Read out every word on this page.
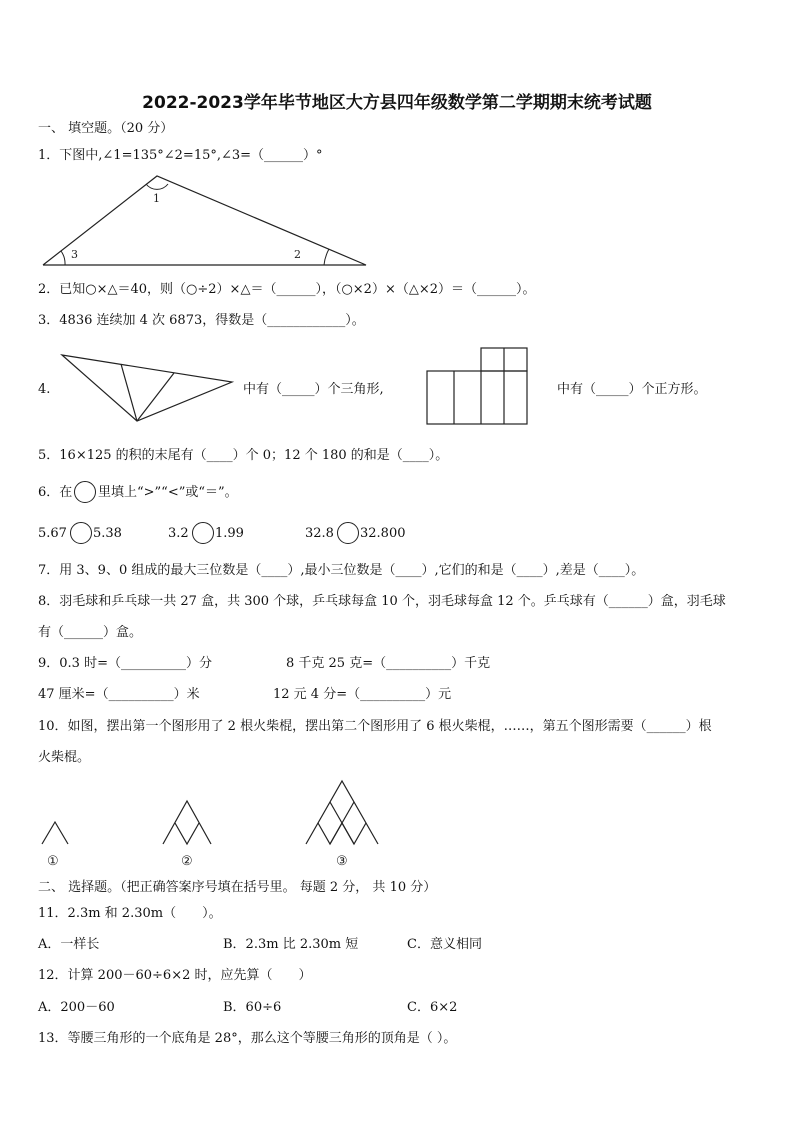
2022-2023学年毕节地区大方县四年级数学第二学期期末统考试题
一、 填空题。（20 分）
1．下图中,∠1=135°∠2=15°,∠3=（______）°
1
3	2
2．已知○×△＝40，则（○÷2）×△＝（______），（○×2）×（△×2）＝（______）。
3．4836 连续加 4 次 6873，得数是（____________）。
4.	中有（_____）个三角形,	中有（_____）个正方形。
5．16×125 的积的末尾有（____）个 0；12 个 180 的和是（____）。
6．在 里填上“>”“<”或“＝”。
5.67 5.38	3.2 1.99	32.8 32.800
7．用 3、9、0 组成的最大三位数是（____）,最小三位数是（____）,它们的和是（____）,差是（____）。
8．羽毛球和乒乓球一共 27 盒，共 300 个球，乒乓球每盒 10 个，羽毛球每盒 12 个。乒乓球有（______）盒，羽毛球
有（______）盒。
9．0.3 时=（__________）分	8 千克 25 克=（__________）千克
47 厘米=（__________）米	12 元 4 分=（__________）元
10．如图，摆出第一个图形用了 2 根火柴棍，摆出第二个图形用了 6 根火柴棍，……，第五个图形需要（______）根
火柴棍。
①	②	③
二、 选择题。（把正确答案序号填在括号里。 每题 2 分， 共 10 分）
11．2.3m 和 2.30m（　　）。
A．一样长	B．2.3m 比 2.30m 短	C．意义相同
12．计算 200－60÷6×2 时，应先算（　　）
A．200－60	B．60÷6	C．6×2
13．等腰三角形的一个底角是 28°，那么这个等腰三角形的顶角是（ ）。
